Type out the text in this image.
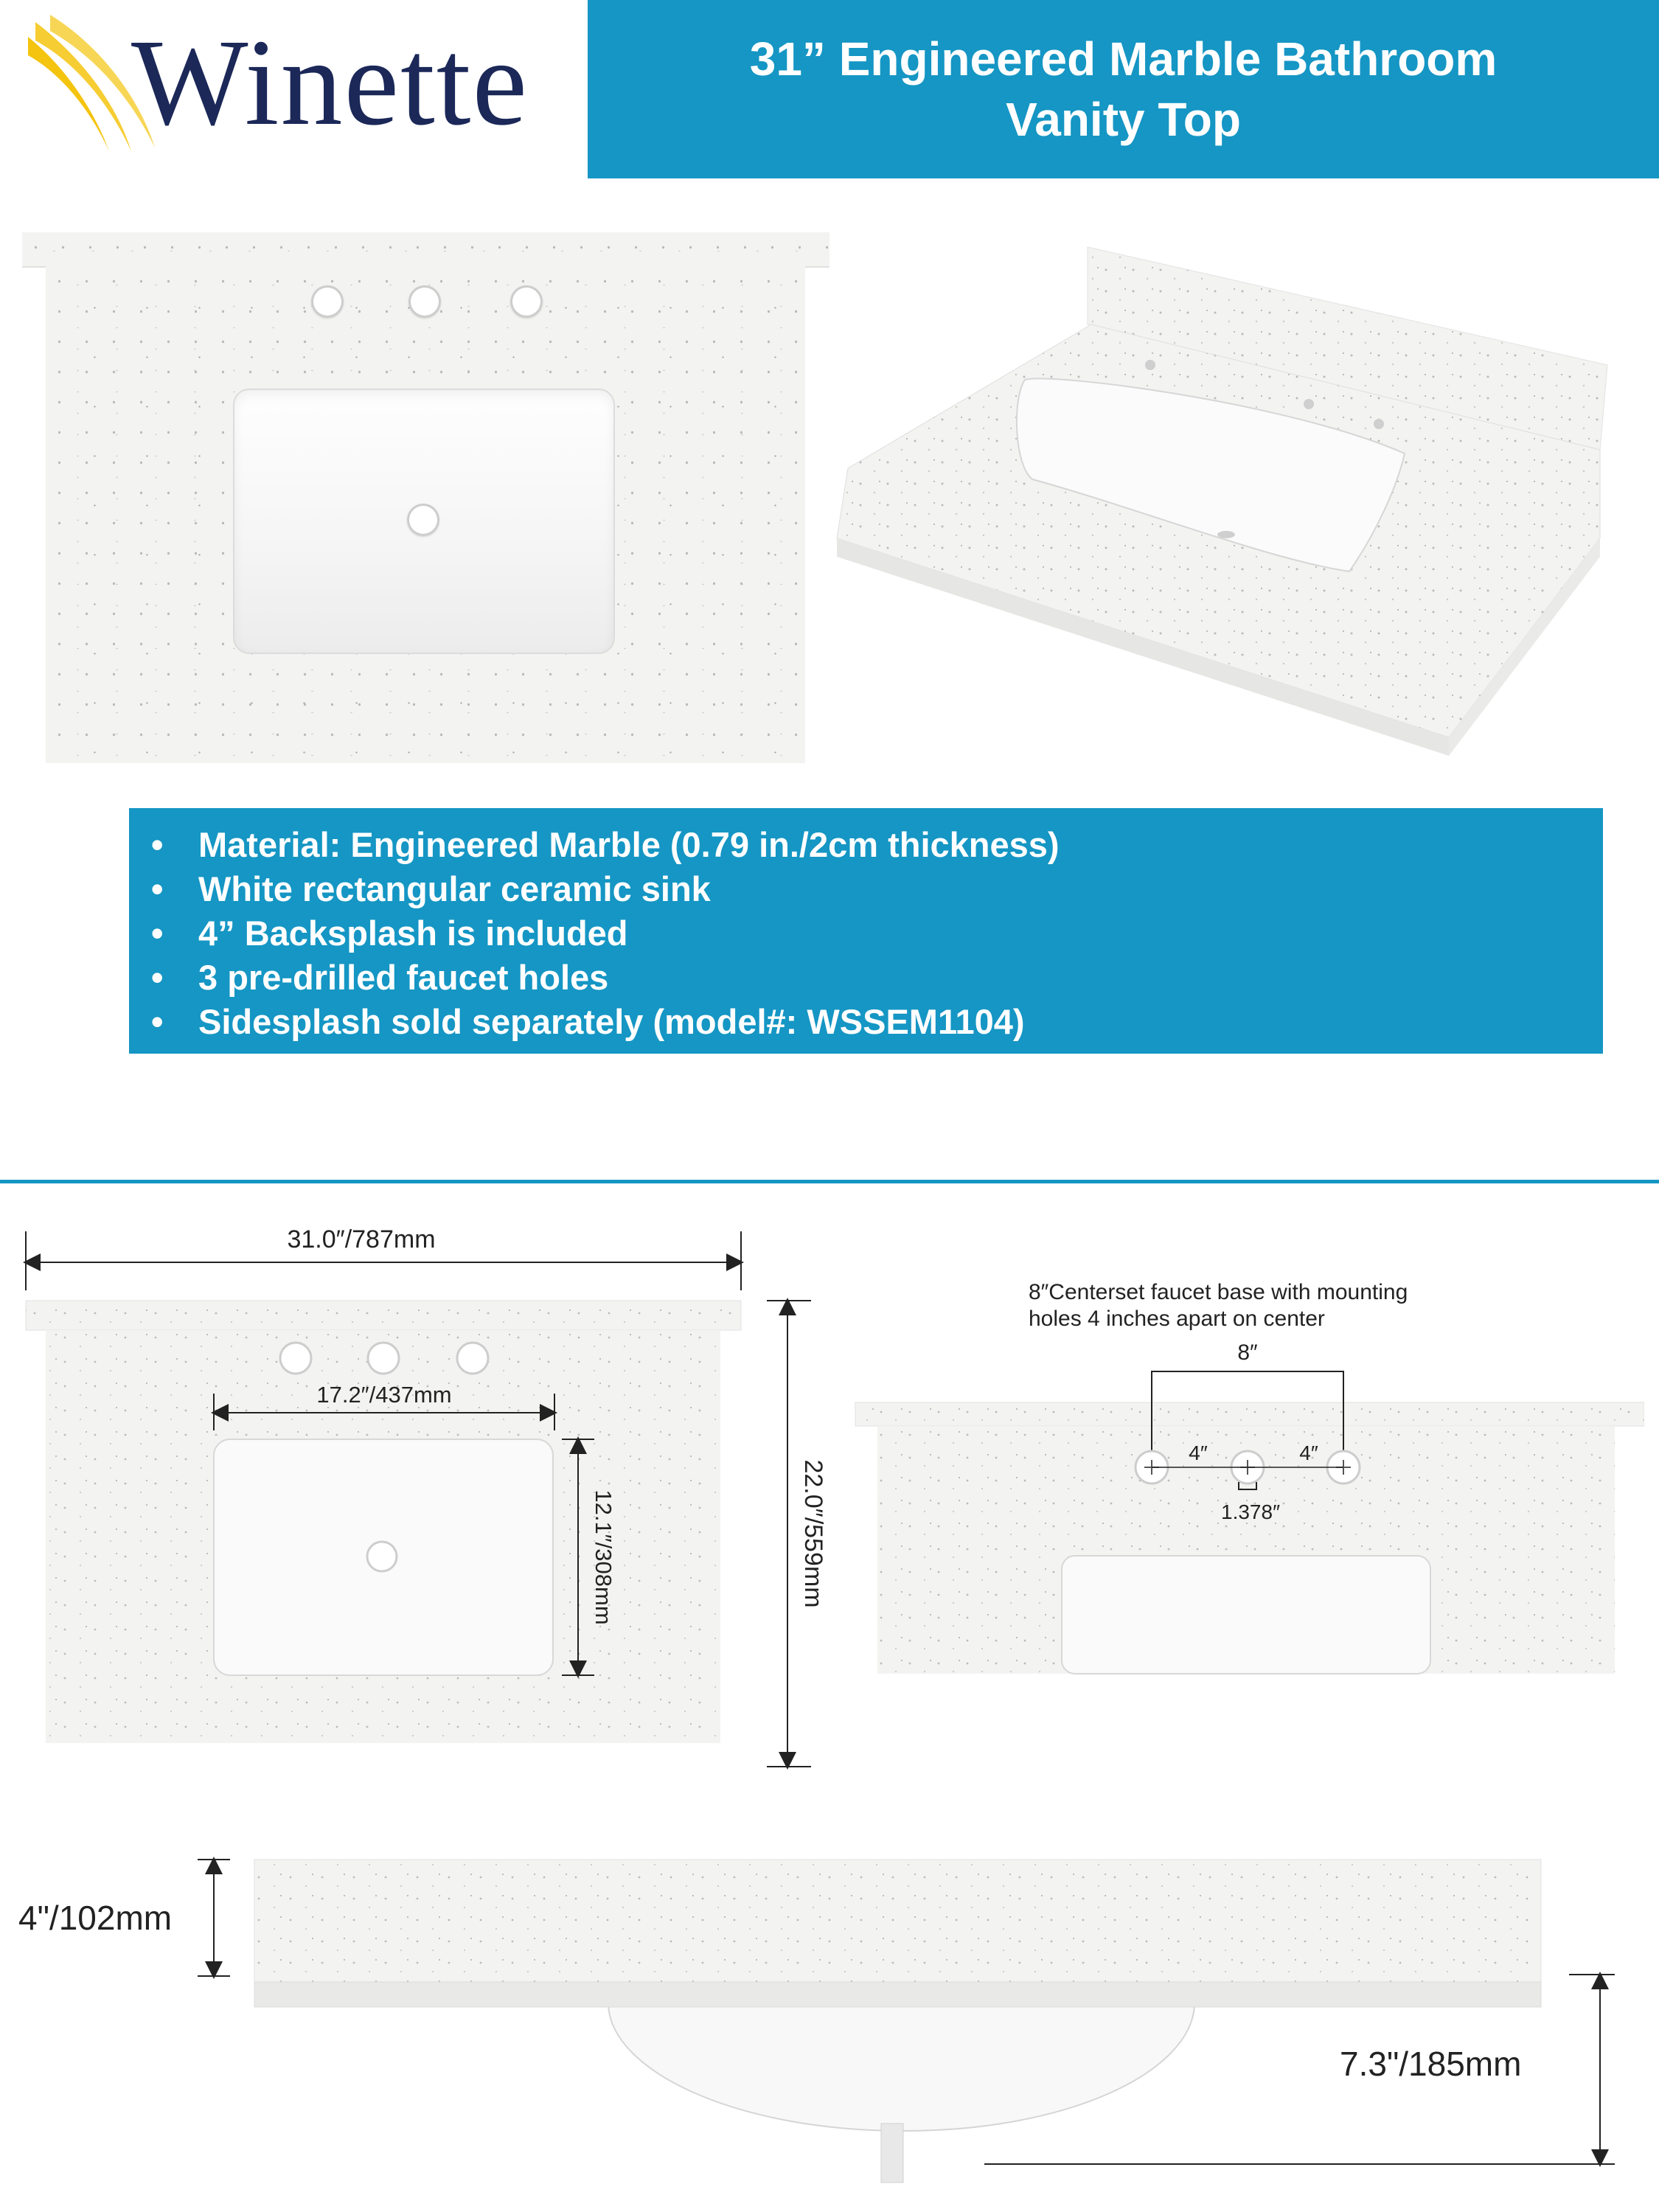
Winette	31” Engineered Marble Bathroom
Vanity Top
•	Material: Engineered Marble (0.79 in./2cm thickness)
•	White rectangular ceramic sink
•	4” Backsplash is included
•	3 pre-drilled faucet holes
•	Sidesplash sold separately (model#: WSSEM1104)
31.0″/787mm
17.2″/437mm
12.1″/308mm	22.0″/559mm
8″Centerset faucet base with mounting
holes 4 inches apart on center
8″
4″	4″
1.378″
4"/102mm
7.3"/185mm
